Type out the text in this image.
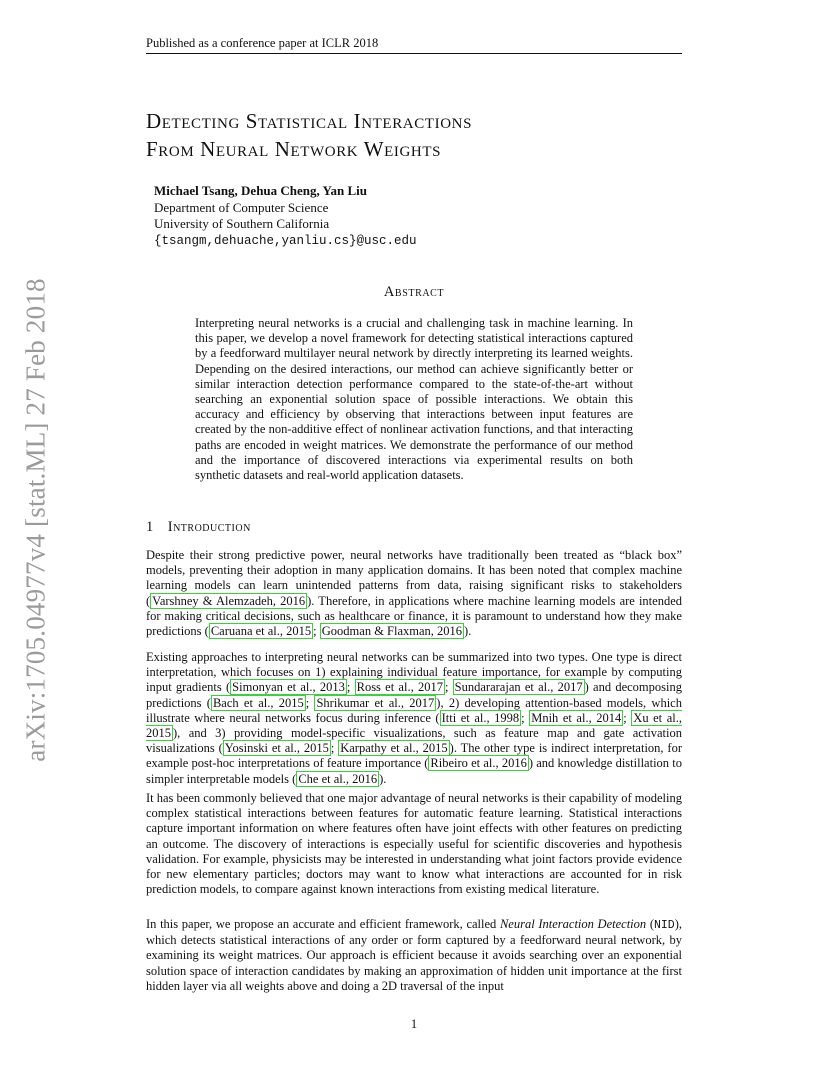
Published as a conference paper at ICLR 2018
arXiv:1705.04977v4 [stat.ML] 27 Feb 2018
Detecting Statistical Interactions
From Neural Network Weights
Michael Tsang, Dehua Cheng, Yan Liu
Department of Computer Science
University of Southern California
{tsangm,dehuache,yanliu.cs}@usc.edu
Abstract
Interpreting neural networks is a crucial and challenging task in machine learning. In this paper, we develop a novel framework for detecting statistical interactions captured by a feedforward multilayer neural network by directly interpreting its learned weights. Depending on the desired interactions, our method can achieve significantly better or similar interaction detection performance compared to the state-of-the-art without searching an exponential solution space of possible interactions. We obtain this accuracy and efficiency by observing that interactions between input features are created by the non-additive effect of nonlinear activation functions, and that interacting paths are encoded in weight matrices. We demonstrate the performance of our method and the importance of discovered interactions via experimental results on both synthetic datasets and real-world application datasets.
1 Introduction
Despite their strong predictive power, neural networks have traditionally been treated as “black box” models, preventing their adoption in many application domains. It has been noted that complex machine learning models can learn unintended patterns from data, raising significant risks to stakeholders ( Varshney & Alemzadeh, 2016 ). Therefore, in applications where machine learning models are intended for making critical decisions, such as healthcare or finance, it is paramount to understand how they make predictions ( Caruana et al., 2015 ; Goodman & Flaxman, 2016 ).
Existing approaches to interpreting neural networks can be summarized into two types. One type is direct interpretation, which focuses on 1) explaining individual feature importance, for example by computing input gradients ( Simonyan et al., 2013 ; Ross et al., 2017 ; Sundararajan et al., 2017 ) and decomposing predictions ( Bach et al., 2015 ; Shrikumar et al., 2017 ), 2) developing attention-based models, which illustrate where neural networks focus during inference ( Itti et al., 1998 ; Mnih et al., 2014 ; Xu et al., 2015 ), and 3) providing model-specific visualizations, such as feature map and gate activation visualizations ( Yosinski et al., 2015 ; Karpathy et al., 2015 ). The other type is indirect interpretation, for example post-hoc interpretations of feature importance ( Ribeiro et al., 2016 ) and knowledge distillation to simpler interpretable models ( Che et al., 2016 ).
It has been commonly believed that one major advantage of neural networks is their capability of modeling complex statistical interactions between features for automatic feature learning. Statistical interactions capture important information on where features often have joint effects with other features on predicting an outcome. The discovery of interactions is especially useful for scientific discoveries and hypothesis validation. For example, physicists may be interested in understanding what joint factors provide evidence for new elementary particles; doctors may want to know what interactions are accounted for in risk prediction models, to compare against known interactions from existing medical literature.
In this paper, we propose an accurate and efficient framework, called Neural Interaction Detection (NID), which detects statistical interactions of any order or form captured by a feedforward neural network, by examining its weight matrices. Our approach is efficient because it avoids searching over an exponential solution space of interaction candidates by making an approximation of hidden unit importance at the first hidden layer via all weights above and doing a 2D traversal of the input
1
